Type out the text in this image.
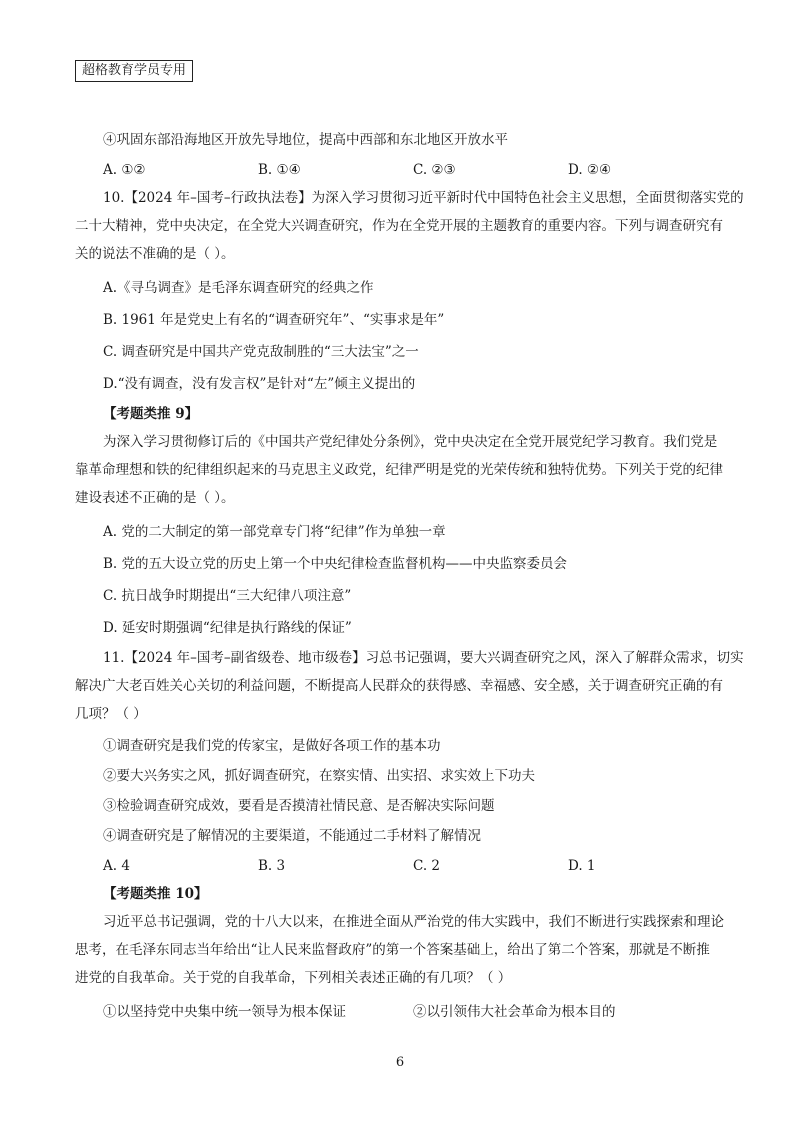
超格教育学员专用
④巩固东部沿海地区开放先导地位，提高中西部和东北地区开放水平
A. ①②	B. ①④	C. ②③	D. ②④
10.【2024 年–国考–行政执法卷】为深入学习贯彻习近平新时代中国特色社会主义思想，全面贯彻落实党的
二十大精神，党中央决定，在全党大兴调查研究，作为在全党开展的主题教育的重要内容。下列与调查研究有
关的说法不准确的是（ ）。
A.《寻乌调查》是毛泽东调查研究的经典之作
B. 1961 年是党史上有名的“调查研究年”、“实事求是年”
C. 调查研究是中国共产党克敌制胜的“三大法宝”之一
D.“没有调查，没有发言权”是针对“左”倾主义提出的
【考题类推 9】
为深入学习贯彻修订后的《中国共产党纪律处分条例》，党中央决定在全党开展党纪学习教育。我们党是
靠革命理想和铁的纪律组织起来的马克思主义政党，纪律严明是党的光荣传统和独特优势。下列关于党的纪律
建设表述不正确的是（ ）。
A. 党的二大制定的第一部党章专门将“纪律”作为单独一章
B. 党的五大设立党的历史上第一个中央纪律检查监督机构——中央监察委员会
C. 抗日战争时期提出“三大纪律八项注意”
D. 延安时期强调“纪律是执行路线的保证”
11.【2024 年–国考–副省级卷、地市级卷】习总书记强调，要大兴调查研究之风，深入了解群众需求，切实
解决广大老百姓关心关切的利益问题，不断提高人民群众的获得感、幸福感、安全感，关于调查研究正确的有
几项？（ ）
①调查研究是我们党的传家宝，是做好各项工作的基本功
②要大兴务实之风，抓好调查研究，在察实情、出实招、求实效上下功夫
③检验调查研究成效，要看是否摸清社情民意、是否解决实际问题
④调查研究是了解情况的主要渠道，不能通过二手材料了解情况
A. 4	B. 3	C. 2	D. 1
【考题类推 10】
习近平总书记强调，党的十八大以来，在推进全面从严治党的伟大实践中，我们不断进行实践探索和理论
思考，在毛泽东同志当年给出“让人民来监督政府”的第一个答案基础上，给出了第二个答案，那就是不断推
进党的自我革命。关于党的自我革命，下列相关表述正确的有几项？（ ）
①以坚持党中央集中统一领导为根本保证	②以引领伟大社会革命为根本目的
6
